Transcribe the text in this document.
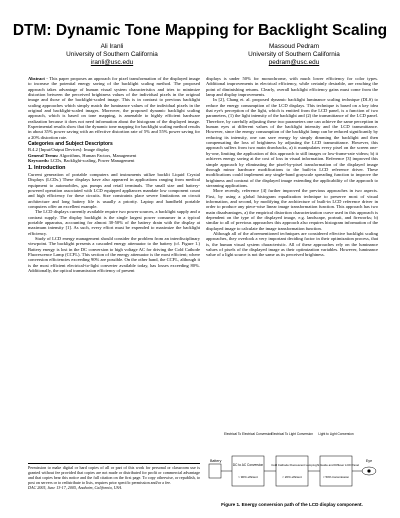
DTM: Dynamic Tone Mapping for Backlight Scaling
Ali Iranli
University of Southern California
iranli@usc.edu
Massoud Pedram
University of Southern California
pedram@usc.edu

Abstract - This paper proposes an approach for pixel transformation of the displayed image to increase the potential energy saving of the backlight scaling method. The proposed approach takes advantage of human visual system characteristics and tries to minimize distortion between the perceived brightness values of the individual pixels in the original image and those of the backlight-scaled image. This is in contrast to previous backlight scaling approaches which simply match the luminance values of the individual pixels in the original and backlight-scaled images. Moreover, the proposed dynamic backlight scaling approach, which is based on tone mapping, is amenable to highly efficient hardware realization because it does not need information about the histogram of the displayed image. Experimental results show that the dynamic tone mapping for backlight scaling method results in about 35% power saving with an effective distortion rate of 5% and 55% power saving for a 20% distortion rate.

Categories and Subject Descriptors
B.4.2 [Input/Output Devices]: Image display
General Terms: Algorithms, Human Factors, Management
Keywords: LCDs, Backlight-scaling, Power Management
1. Introduction

Current generation of portable computers and instruments utilize backlit Liquid Crystal Displays (LCDs.) These displays have also appeared in applications ranging from medical equipment to automobiles, gas pumps and retail terminals. The small size and battery-powered operation associated with LCD equipped appliances mandate low component count and high efficiency for these circuits. Size constraints place severe limitations on circuit architecture and long battery life is usually a priority. Laptop and handheld portable computers offer an excellent example.

The LCD displays currently available require two power sources, a backlight supply and a contrast supply. The display backlight is the single largest power consumer in a typical portable apparatus, accounting for almost 30-50% of the battery drain with the display at maximum intensity [1]. As such, every effort must be expended to maximize the backlight efficiency.

Study of LCD energy management should consider the problem from an interdisciplinary viewpoint. The backlight presents a cascaded energy attenuator to the battery (cf. Figure 1.) Battery energy is lost in the DC conversion to high voltage AC for driving the Cold Cathode Fluorescence Lamp (CCFL). This section of the energy attenuator is the most efficient; where conversion efficiencies exceeding 90% are possible. On the other hand, the CCFL, although it is the most efficient electrical-to-light converter available today, has losses exceeding 80%. Additionally, the optical transmission efficiency of present

displays is under 50% for monochrome, with much lower efficiency for color types. Additional improvements in electrical efficiency, while certainly desirable, are reaching the point of diminishing returns. Clearly, overall backlight efficiency gains must come from the lamp and display improvements.

In [2], Chang et. al. proposed dynamic backlight luminance scaling technique (DLS) to reduce the energy consumption of the LCD displays. This technique is based on a key idea that eye's perception of the light, which is emitted from the LCD panel, is a function of two parameters, (1) the light intensity of the backlight and (2) the transmittance of the LCD panel. Therefore, by carefully adjusting these two parameters one can achieve the same perception in human eyes at different values of the backlight intensity and the LCD transmittance. However, since the energy consumption of the backlight lamp can be reduced significantly by reducing its intensity, one can save energy by simply dimming the backlight and then compensating the loss of brightness by adjusting the LCD transmittance. However, this approach suffers from two main drawbacks, a) it manipulates every pixel on the screen one-by-one, limiting the application of this approach to still images or low-frame-rate videos; b) it achieves energy saving at the cost of loss in visual information. Reference [3] improved this simple approach by eliminating the pixel-by-pixel transformation of the displayed image through minor hardware modifications to the built-in LCD reference driver. These modifications could implement any single-band grayscale spreading function to improve the brightness and contrast of the displayed image extending the applicability of the approach to streaming applications.

More recently, reference [4] further improved the previous approaches in two aspects. First, by using a global histogram equalization technique to preserve most of visual information, and second, by modifying the architecture of built-in LCD reference driver in order to produce any piece-wise linear image transformation function. This approach has two main disadvantages, a) the empirical distortion characterization curve used in this approach is dependent on the type of the displayed image, e.g. landscape, portrait, and fireworks; b) similar to all of previous approaches this approach also requires histogram information of the displayed image to calculate the image transformation function.

Although all of the aforementioned techniques are considered effective backlight scaling approaches, they overlook a very important deciding factor in their optimization process, that is, the human visual system characteristic. All of these approaches rely on the luminance values of pixels of the displayed image as their optimization variables. However, luminance value of a light source is not the same as its perceived brightness.

Permission to make digital or hard copies of all or part of this work for personal or classroom use is granted without fee provided that copies are not made or distributed for profit or commercial advantage and that copies bear this notice and the full citation on the first page. To copy otherwise, or republish, to post on servers or to redistribute to lists, requires prior specific permission and/or a fee.
DAC 2005, June 13-17, 2005, Anaheim, California, USA.
Battery
Electrical To Electrical Conversion Electrical To Light Conversion Light to Light Conversion
DC to AC Conversion
> 90% efficient
Cold Cathode Fluorescent Lamp
< 20% efficient
Light Guide and Diffuser LCD Panel
< 50% transmission
Eye
Figure 1. Energy conversion path of the LCD display component.
